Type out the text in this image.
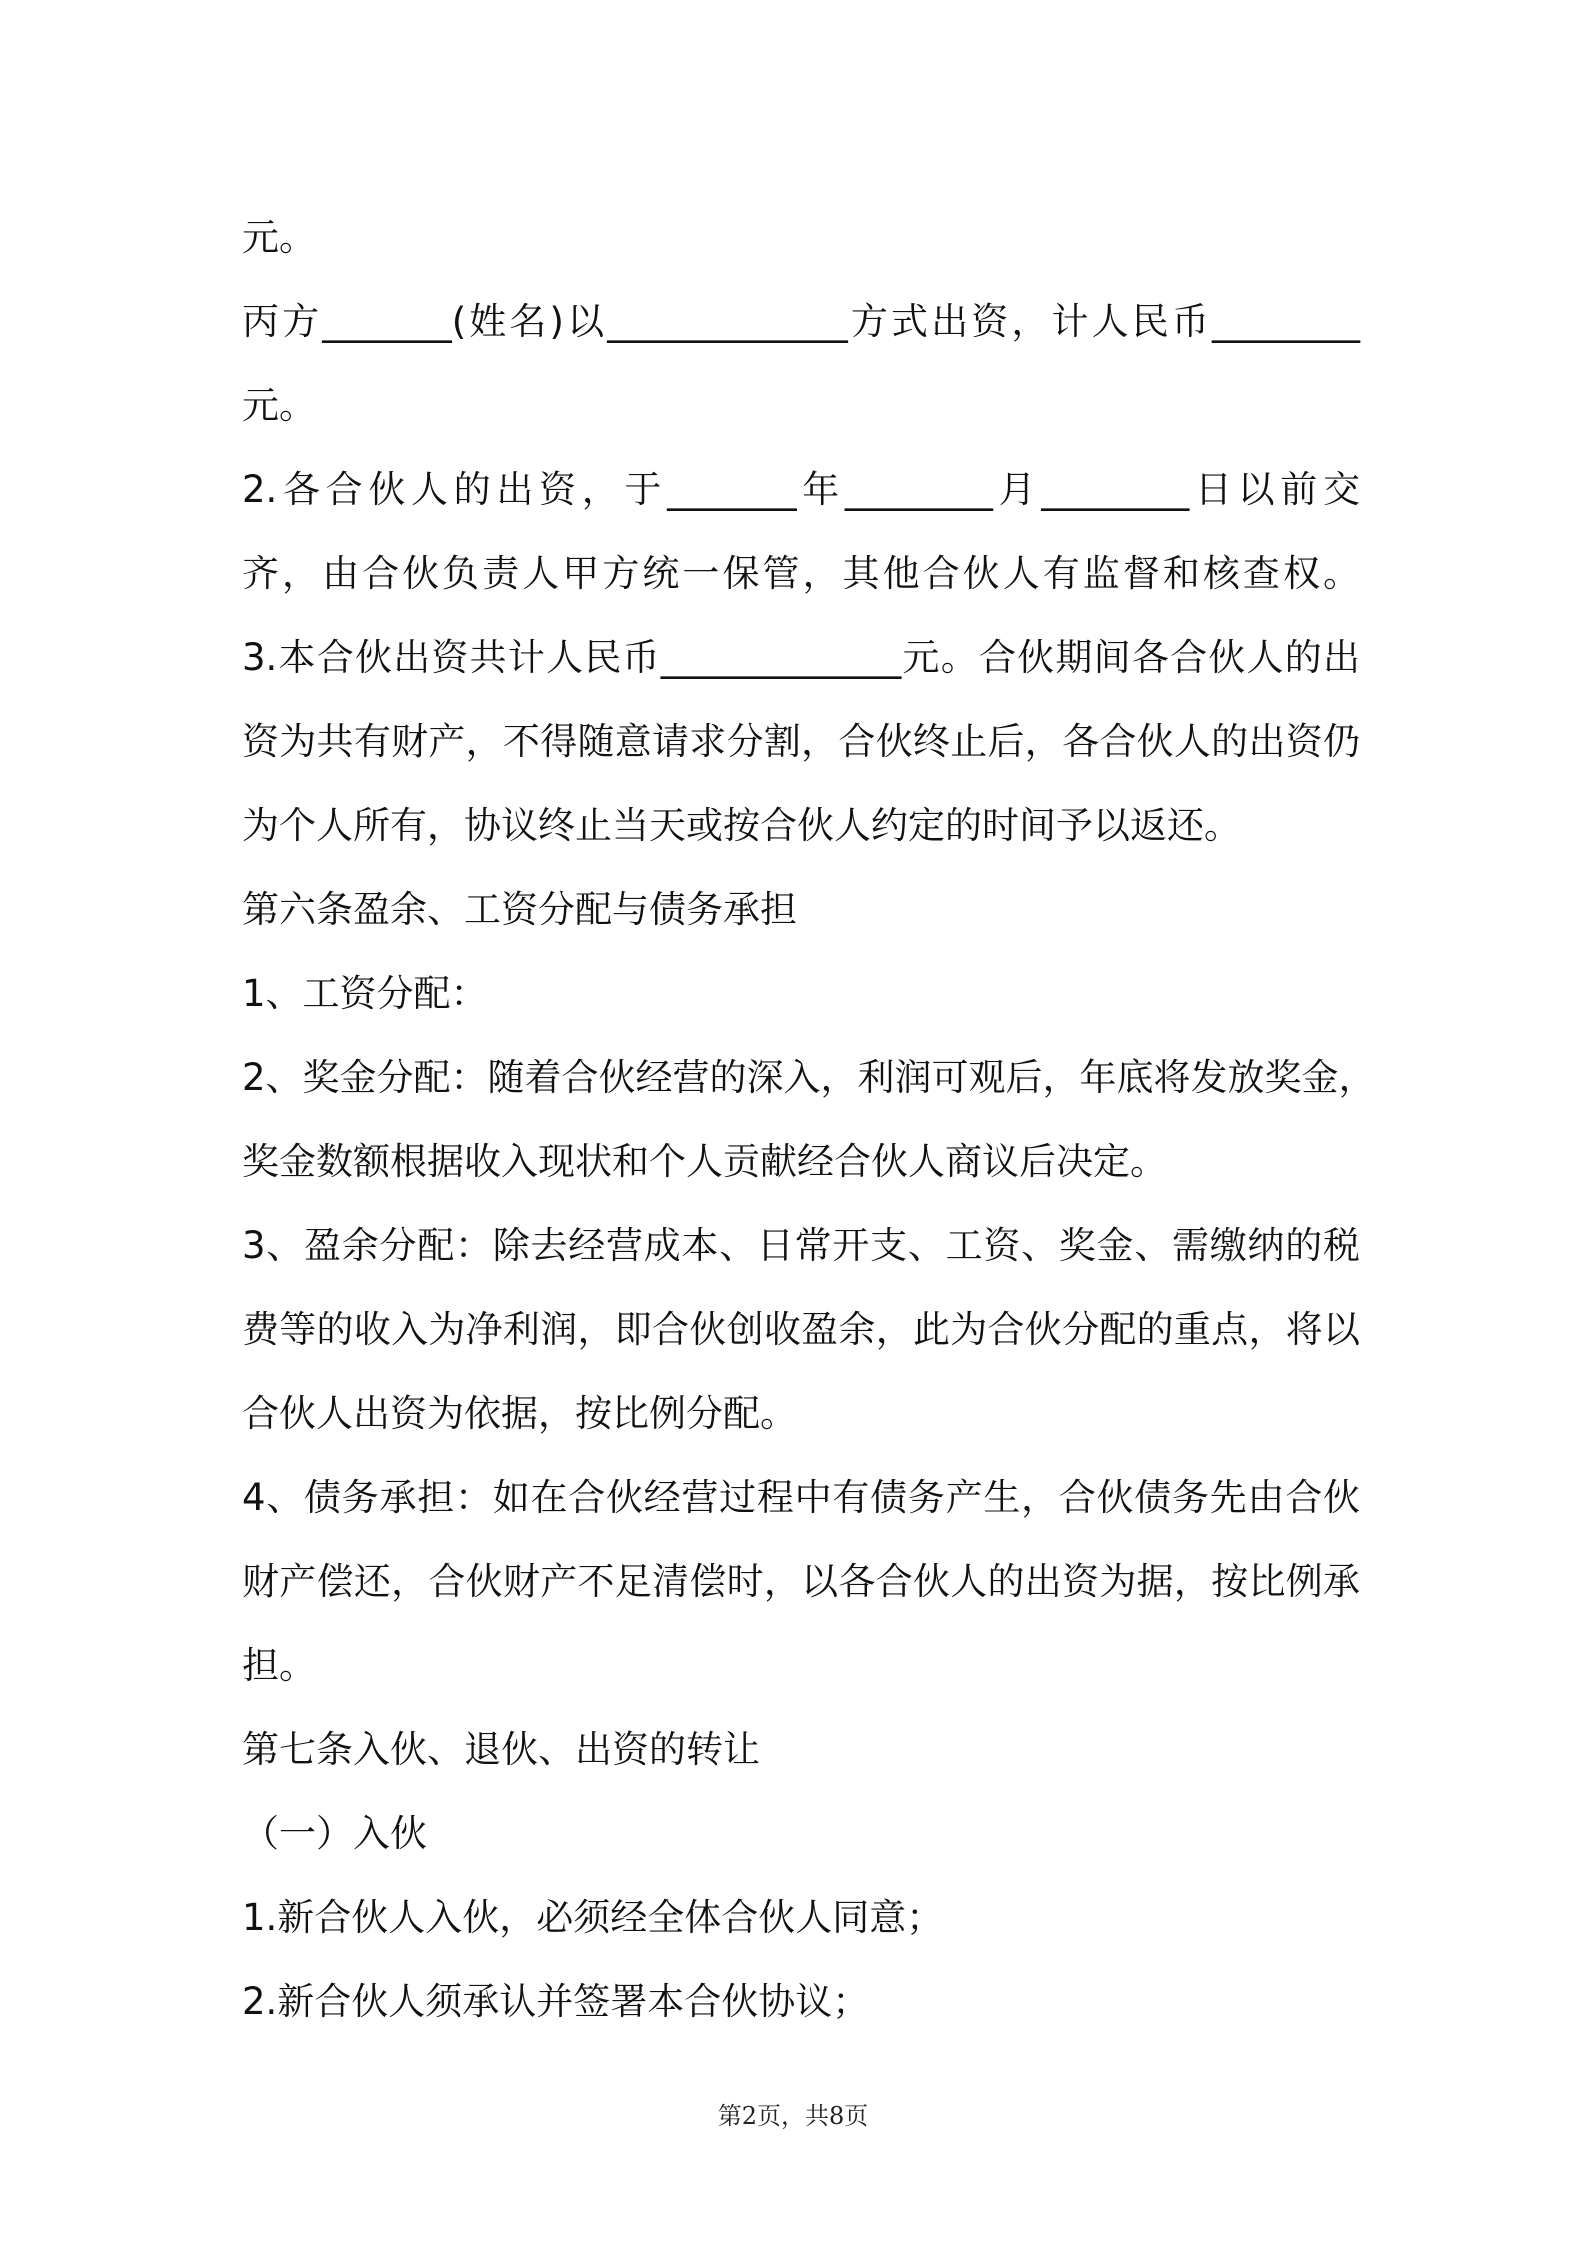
元。
丙方_______(姓名)以_____________方式出资，计人民币________
元。
2.各合伙人的出资，于_______年________月________日以前交
齐，由合伙负责人甲方统一保管，其他合伙人有监督和核查权。
3.本合伙出资共计人民币_____________元。合伙期间各合伙人的出
资为共有财产，不得随意请求分割，合伙终止后，各合伙人的出资仍
为个人所有，协议终止当天或按合伙人约定的时间予以返还。
第六条盈余、工资分配与债务承担
1、工资分配：
2、奖金分配：随着合伙经营的深入，利润可观后，年底将发放奖金，
奖金数额根据收入现状和个人贡献经合伙人商议后决定。
3、盈余分配：除去经营成本、日常开支、工资、奖金、需缴纳的税
费等的收入为净利润，即合伙创收盈余，此为合伙分配的重点，将以
合伙人出资为依据，按比例分配。
4、债务承担：如在合伙经营过程中有债务产生，合伙债务先由合伙
财产偿还，合伙财产不足清偿时，以各合伙人的出资为据，按比例承
担。
第七条入伙、退伙、出资的转让
（一）入伙
1.新合伙人入伙，必须经全体合伙人同意；
2.新合伙人须承认并签署本合伙协议；
第2页，共8页
